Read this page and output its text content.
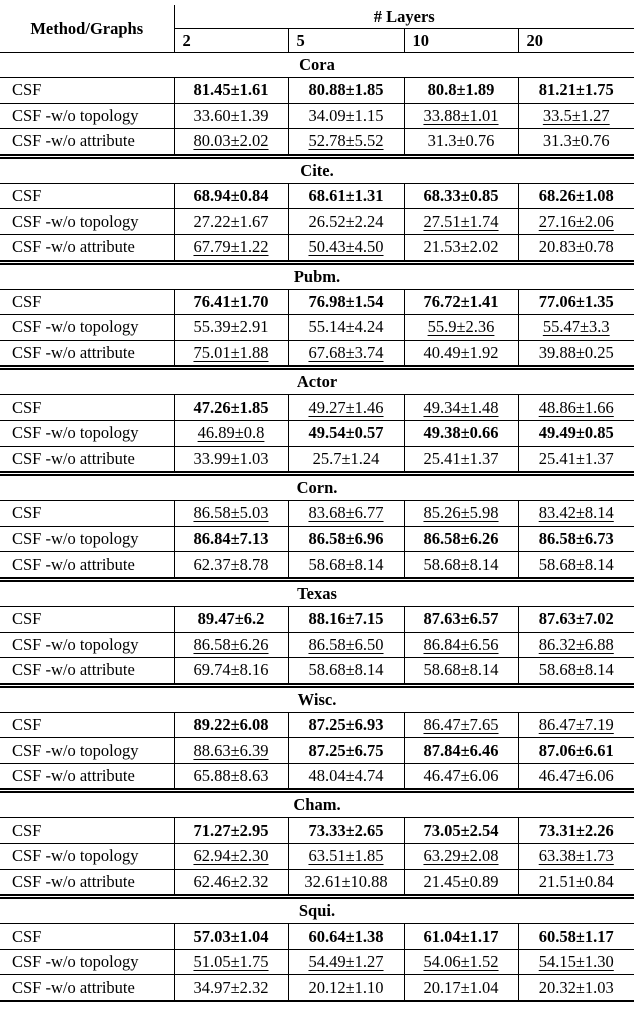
Method/Graphs	# Layers			
	2	5	10	20
Cora				
CSF	81.45±1.61	80.88±1.85	80.8±1.89	81.21±1.75
CSF -w/o topology	33.60±1.39	34.09±1.15	33.88±1.01	33.5±1.27
CSF -w/o attribute	80.03±2.02	52.78±5.52	31.3±0.76	31.3±0.76
Cite.				
CSF	68.94±0.84	68.61±1.31	68.33±0.85	68.26±1.08
CSF -w/o topology	27.22±1.67	26.52±2.24	27.51±1.74	27.16±2.06
CSF -w/o attribute	67.79±1.22	50.43±4.50	21.53±2.02	20.83±0.78
Pubm.				
CSF	76.41±1.70	76.98±1.54	76.72±1.41	77.06±1.35
CSF -w/o topology	55.39±2.91	55.14±4.24	55.9±2.36	55.47±3.3
CSF -w/o attribute	75.01±1.88	67.68±3.74	40.49±1.92	39.88±0.25
Actor				
CSF	47.26±1.85	49.27±1.46	49.34±1.48	48.86±1.66
CSF -w/o topology	46.89±0.8	49.54±0.57	49.38±0.66	49.49±0.85
CSF -w/o attribute	33.99±1.03	25.7±1.24	25.41±1.37	25.41±1.37
Corn.				
CSF	86.58±5.03	83.68±6.77	85.26±5.98	83.42±8.14
CSF -w/o topology	86.84±7.13	86.58±6.96	86.58±6.26	86.58±6.73
CSF -w/o attribute	62.37±8.78	58.68±8.14	58.68±8.14	58.68±8.14
Texas				
CSF	89.47±6.2	88.16±7.15	87.63±6.57	87.63±7.02
CSF -w/o topology	86.58±6.26	86.58±6.50	86.84±6.56	86.32±6.88
CSF -w/o attribute	69.74±8.16	58.68±8.14	58.68±8.14	58.68±8.14
Wisc.				
CSF	89.22±6.08	87.25±6.93	86.47±7.65	86.47±7.19
CSF -w/o topology	88.63±6.39	87.25±6.75	87.84±6.46	87.06±6.61
CSF -w/o attribute	65.88±8.63	48.04±4.74	46.47±6.06	46.47±6.06
Cham.				
CSF	71.27±2.95	73.33±2.65	73.05±2.54	73.31±2.26
CSF -w/o topology	62.94±2.30	63.51±1.85	63.29±2.08	63.38±1.73
CSF -w/o attribute	62.46±2.32	32.61±10.88	21.45±0.89	21.51±0.84
Squi.				
CSF	57.03±1.04	60.64±1.38	61.04±1.17	60.58±1.17
CSF -w/o topology	51.05±1.75	54.49±1.27	54.06±1.52	54.15±1.30
CSF -w/o attribute	34.97±2.32	20.12±1.10	20.17±1.04	20.32±1.03
